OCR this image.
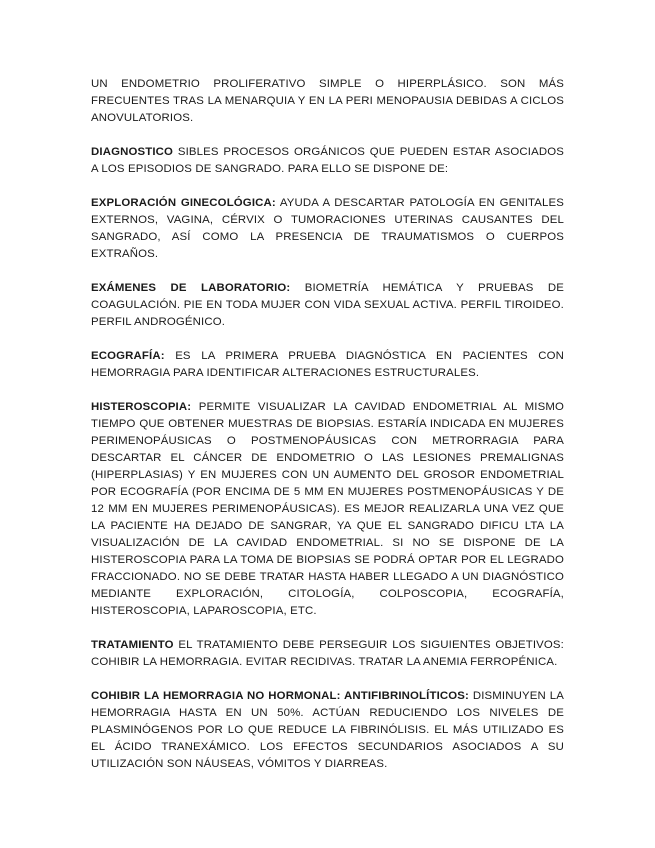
UN ENDOMETRIO PROLIFERATIVO SIMPLE O HIPERPLÁSICO. SON MÁS FRECUENTES TRAS LA MENARQUIA Y EN LA PERI MENOPAUSIA DEBIDAS A CICLOS ANOVULATORIOS.

DIAGNOSTICO SIBLES PROCESOS ORGÁNICOS QUE PUEDEN ESTAR ASOCIADOS A LOS EPISODIOS DE SANGRADO. PARA ELLO SE DISPONE DE:

EXPLORACIÓN GINECOLÓGICA: AYUDA A DESCARTAR PATOLOGÍA EN GENITALES EXTERNOS, VAGINA, CÉRVIX O TUMORACIONES UTERINAS CAUSANTES DEL SANGRADO, ASÍ COMO LA PRESENCIA DE TRAUMATISMOS O CUERPOS EXTRAÑOS.

EXÁMENES DE LABORATORIO: BIOMETRÍA HEMÁTICA Y PRUEBAS DE COAGULACIÓN. PIE EN TODA MUJER CON VIDA SEXUAL ACTIVA. PERFIL TIROIDEO. PERFIL ANDROGÉNICO.

ECOGRAFÍA: ES LA PRIMERA PRUEBA DIAGNÓSTICA EN PACIENTES CON HEMORRAGIA PARA IDENTIFICAR ALTERACIONES ESTRUCTURALES.

HISTEROSCOPIA: PERMITE VISUALIZAR LA CAVIDAD ENDOMETRIAL AL MISMO TIEMPO QUE OBTENER MUESTRAS DE BIOPSIAS. ESTARÍA INDICADA EN MUJERES PERIMENOPÁUSICAS O POSTMENOPÁUSICAS CON METRORRAGIA PARA DESCARTAR EL CÁNCER DE ENDOMETRIO O LAS LESIONES PREMALIGNAS (HIPERPLASIAS) Y EN MUJERES CON UN AUMENTO DEL GROSOR ENDOMETRIAL POR ECOGRAFÍA (POR ENCIMA DE 5 MM EN MUJERES POSTMENOPÁUSICAS Y DE 12 MM EN MUJERES PERIMENOPÁUSICAS). ES MEJOR REALIZARLA UNA VEZ QUE LA PACIENTE HA DEJADO DE SANGRAR, YA QUE EL SANGRADO DIFICU LTA LA VISUALIZACIÓN DE LA CAVIDAD ENDOMETRIAL. SI NO SE DISPONE DE LA HISTEROSCOPIA PARA LA TOMA DE BIOPSIAS SE PODRÁ OPTAR POR EL LEGRADO FRACCIONADO. NO SE DEBE TRATAR HASTA HABER LLEGADO A UN DIAGNÓSTICO MEDIANTE EXPLORACIÓN, CITOLOGÍA, COLPOSCOPIA, ECOGRAFÍA, HISTEROSCOPIA, LAPAROSCOPIA, ETC.

TRATAMIENTO EL TRATAMIENTO DEBE PERSEGUIR LOS SIGUIENTES OBJETIVOS: COHIBIR LA HEMORRAGIA. EVITAR RECIDIVAS. TRATAR LA ANEMIA FERROPÉNICA.

COHIBIR LA HEMORRAGIA NO HORMONAL: ANTIFIBRINOLÍTICOS: DISMINUYEN LA HEMORRAGIA HASTA EN UN 50%. ACTÚAN REDUCIENDO LOS NIVELES DE PLASMINÓGENOS POR LO QUE REDUCE LA FIBRINÓLISIS. EL MÁS UTILIZADO ES EL ÁCIDO TRANEXÁMICO. LOS EFECTOS SECUNDARIOS ASOCIADOS A SU UTILIZACIÓN SON NÁUSEAS, VÓMITOS Y DIARREAS.
